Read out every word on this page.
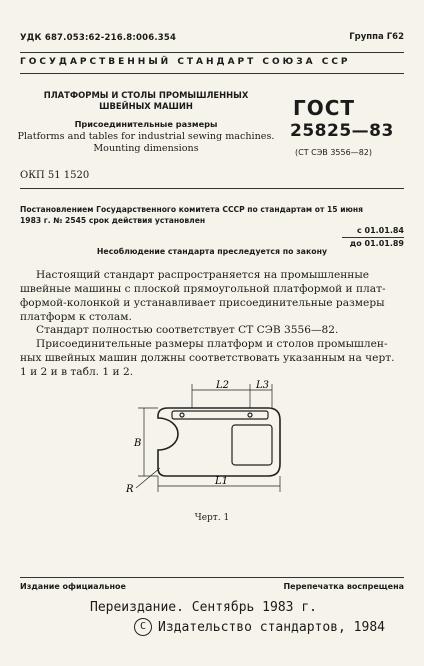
УДК 687.053:62-216.8:006.354	Группа Г62
ГОСУДАРСТВЕННЫЙ СТАНДАРТ СОЮЗА ССР
ПЛАТФОРМЫ И СТОЛЫ ПРОМЫШЛЕННЫХ
ШВЕЙНЫХ МАШИН
Присоединительные размеры
Platforms and tables for industrial sewing machines.
Mounting dimensions
ГОСТ
25825—83
(СТ СЭВ 3556—82)
ОКП 51 1520
Постановлением Государственного комитета СССР по стандартам от 15 июня
1983 г. № 2545 срок действия установлен
с 01.01.84
до 01.01.89
Несоблюдение стандарта преследуется по закону
Настоящий стандарт распространяется на промышленные
швейные машины с плоской прямоугольной платформой и плат-
формой-колонкой и устанавливает присоединительные размеры
платформ к столам.
Стандарт полностью соответствует СТ СЭВ 3556—82.
Присоединительные размеры платформ и столов промышлен-
ных швейных машин должны соответствовать указанным на черт.
1 и 2 и в табл. 1 и 2.
L2	L3
B
R
L1
Черт. 1
Издание официальное	Перепечатка воспрещена
Переиздание. Сентябрь 1983 г.
С Издательство стандартов, 1984
